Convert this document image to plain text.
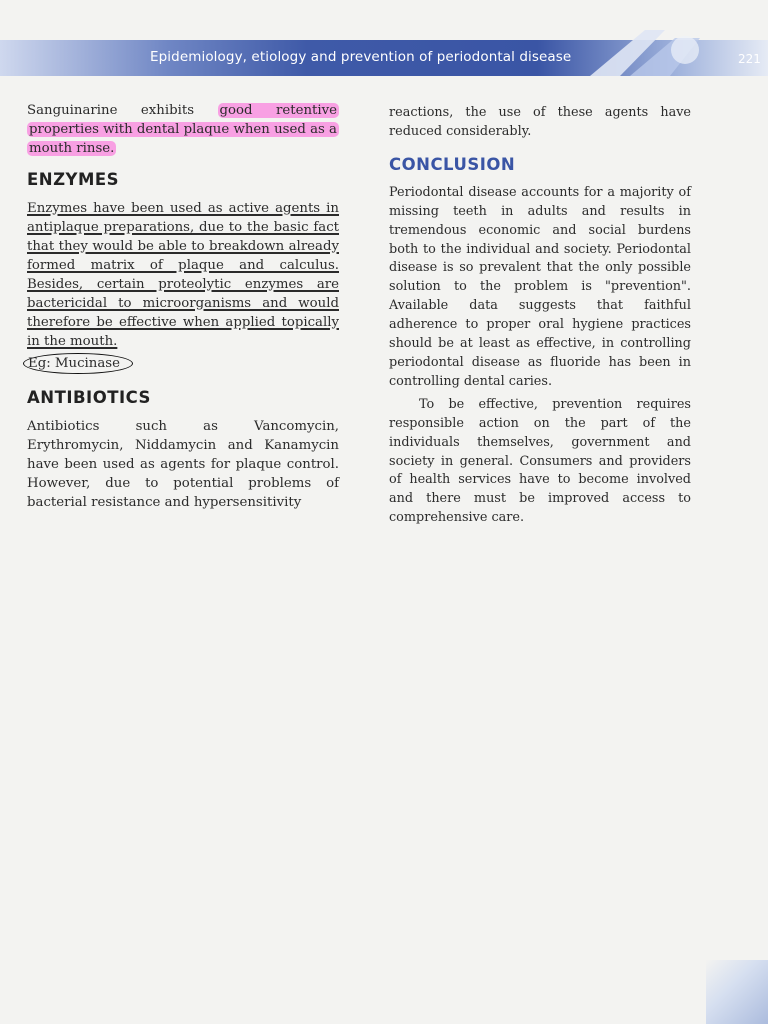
Epidemiology, etiology and prevention of periodontal disease	221

Sanguinarine exhibits good retentive properties with dental plaque when used as a mouth rinse.

ENZYMES

Enzymes have been used as active agents in antiplaque preparations, due to the basic fact that they would be able to breakdown already formed matrix of plaque and calculus. Besides, certain proteolytic enzymes are bactericidal to microorganisms and would therefore be effective when applied topically in the mouth.

Eg: Mucinase

ANTIBIOTICS

Antibiotics such as Vancomycin, Erythromycin, Niddamycin and Kanamycin have been used as agents for plaque control. However, due to potential problems of bacterial resistance and hypersensitivity

reactions, the use of these agents have reduced considerably.

CONCLUSION

Periodontal disease accounts for a majority of missing teeth in adults and results in tremendous economic and social burdens both to the individual and society. Periodontal disease is so prevalent that the only possible solution to the problem is "prevention". Available data suggests that faithful adherence to proper oral hygiene practices should be at least as effective, in controlling periodontal disease as fluoride has been in controlling dental caries.

To be effective, prevention requires responsible action on the part of the individuals themselves, government and society in general. Consumers and providers of health services have to become involved and there must be improved access to comprehensive care.
